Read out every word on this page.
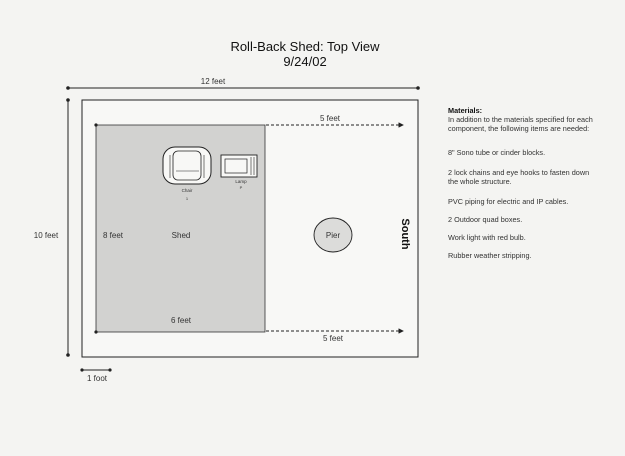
Roll-Back Shed: Top View
9/24/02
12 feet
10 feet
5 feet
5 feet
Chair
1
Lamp
P
8 feet	Shed
6 feet
Pier	South
1 foot

Materials:

In addition to the materials specified for each component, the following items are needed:

8" Sono tube or cinder blocks.

2 lock chains and eye hooks to fasten down the whole structure.

PVC piping for electric and IP cables.

2 Outdoor quad boxes.

Work light with red bulb.

Rubber weather stripping.
